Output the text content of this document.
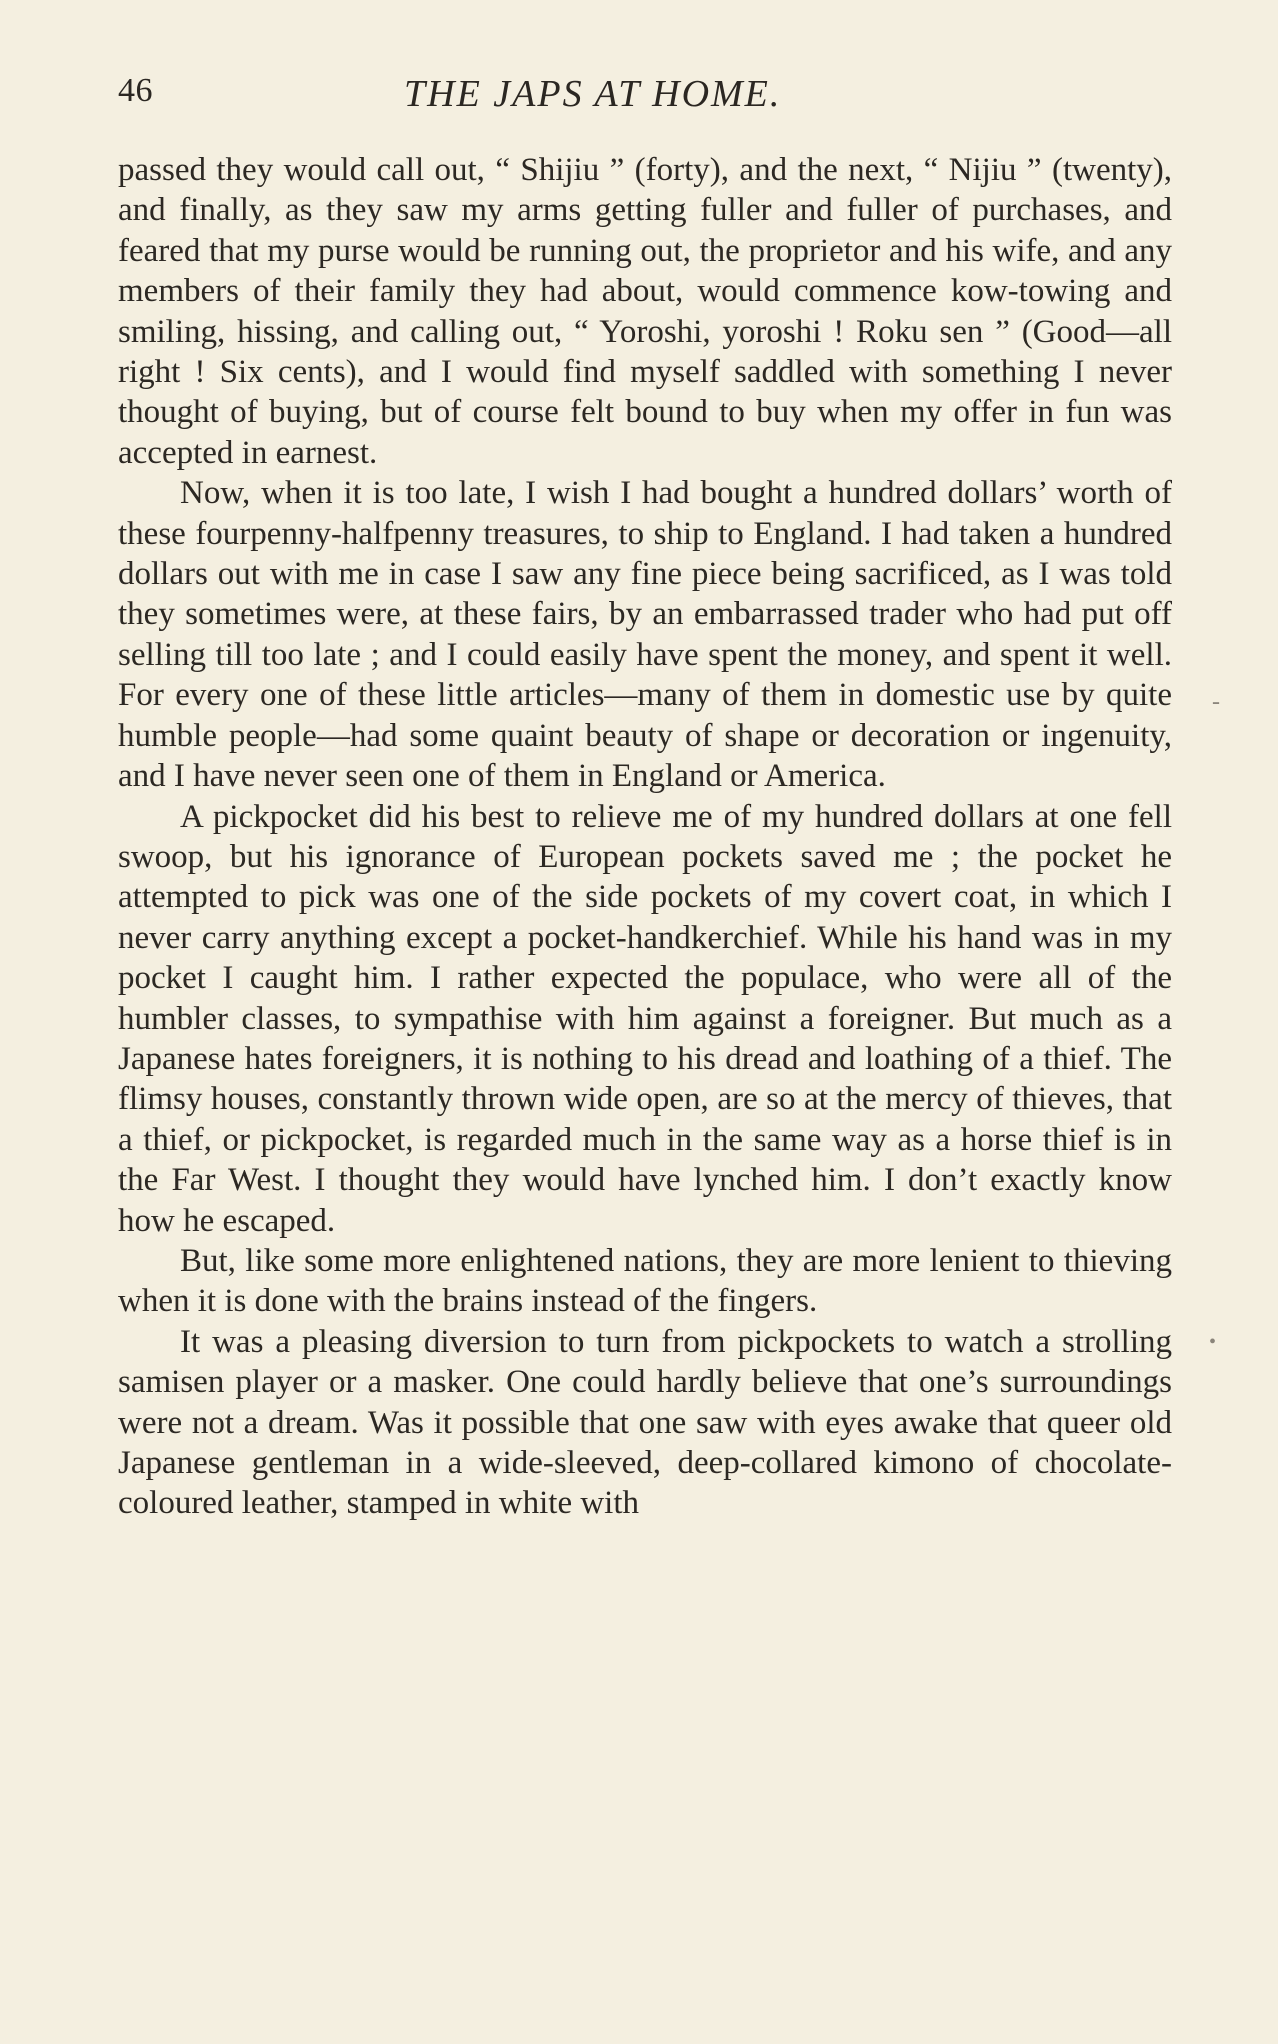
46	THE JAPS AT HOME.

passed they would call out, “ Shijiu ” (forty), and the next, “ Nijiu ” (twenty), and finally, as they saw my arms getting fuller and fuller of purchases, and feared that my purse would be running out, the proprietor and his wife, and any members of their family they had about, would commence kow-towing and smiling, hissing, and calling out, “ Yoroshi, yoroshi ! Roku sen ” (Good—all right ! Six cents), and I would find myself saddled with something I never thought of buying, but of course felt bound to buy when my offer in fun was accepted in earnest.

Now, when it is too late, I wish I had bought a hundred dollars’ worth of these fourpenny-halfpenny treasures, to ship to England. I had taken a hundred dollars out with me in case I saw any fine piece being sacrificed, as I was told they sometimes were, at these fairs, by an embarrassed trader who had put off selling till too late ; and I could easily have spent the money, and spent it well. For every one of these little articles—many of them in domestic use by quite humble people—had some quaint beauty of shape or decoration or ingenuity, and I have never seen one of them in England or America.

A pickpocket did his best to relieve me of my hundred dollars at one fell swoop, but his ignorance of European pockets saved me ; the pocket he attempted to pick was one of the side pockets of my covert coat, in which I never carry anything except a pocket-handkerchief. While his hand was in my pocket I caught him. I rather expected the populace, who were all of the humbler classes, to sympathise with him against a foreigner. But much as a Japanese hates foreigners, it is nothing to his dread and loathing of a thief. The flimsy houses, constantly thrown wide open, are so at the mercy of thieves, that a thief, or pickpocket, is regarded much in the same way as a horse thief is in the Far West. I thought they would have lynched him. I don’t exactly know how he escaped.

But, like some more enlightened nations, they are more lenient to thieving when it is done with the brains instead of the fingers.

It was a pleasing diversion to turn from pickpockets to watch a strolling samisen player or a masker. One could hardly believe that one’s surroundings were not a dream. Was it possible that one saw with eyes awake that queer old Japanese gentleman in a wide-sleeved, deep-collared kimono of chocolate-coloured leather, stamped in white with

-
•
